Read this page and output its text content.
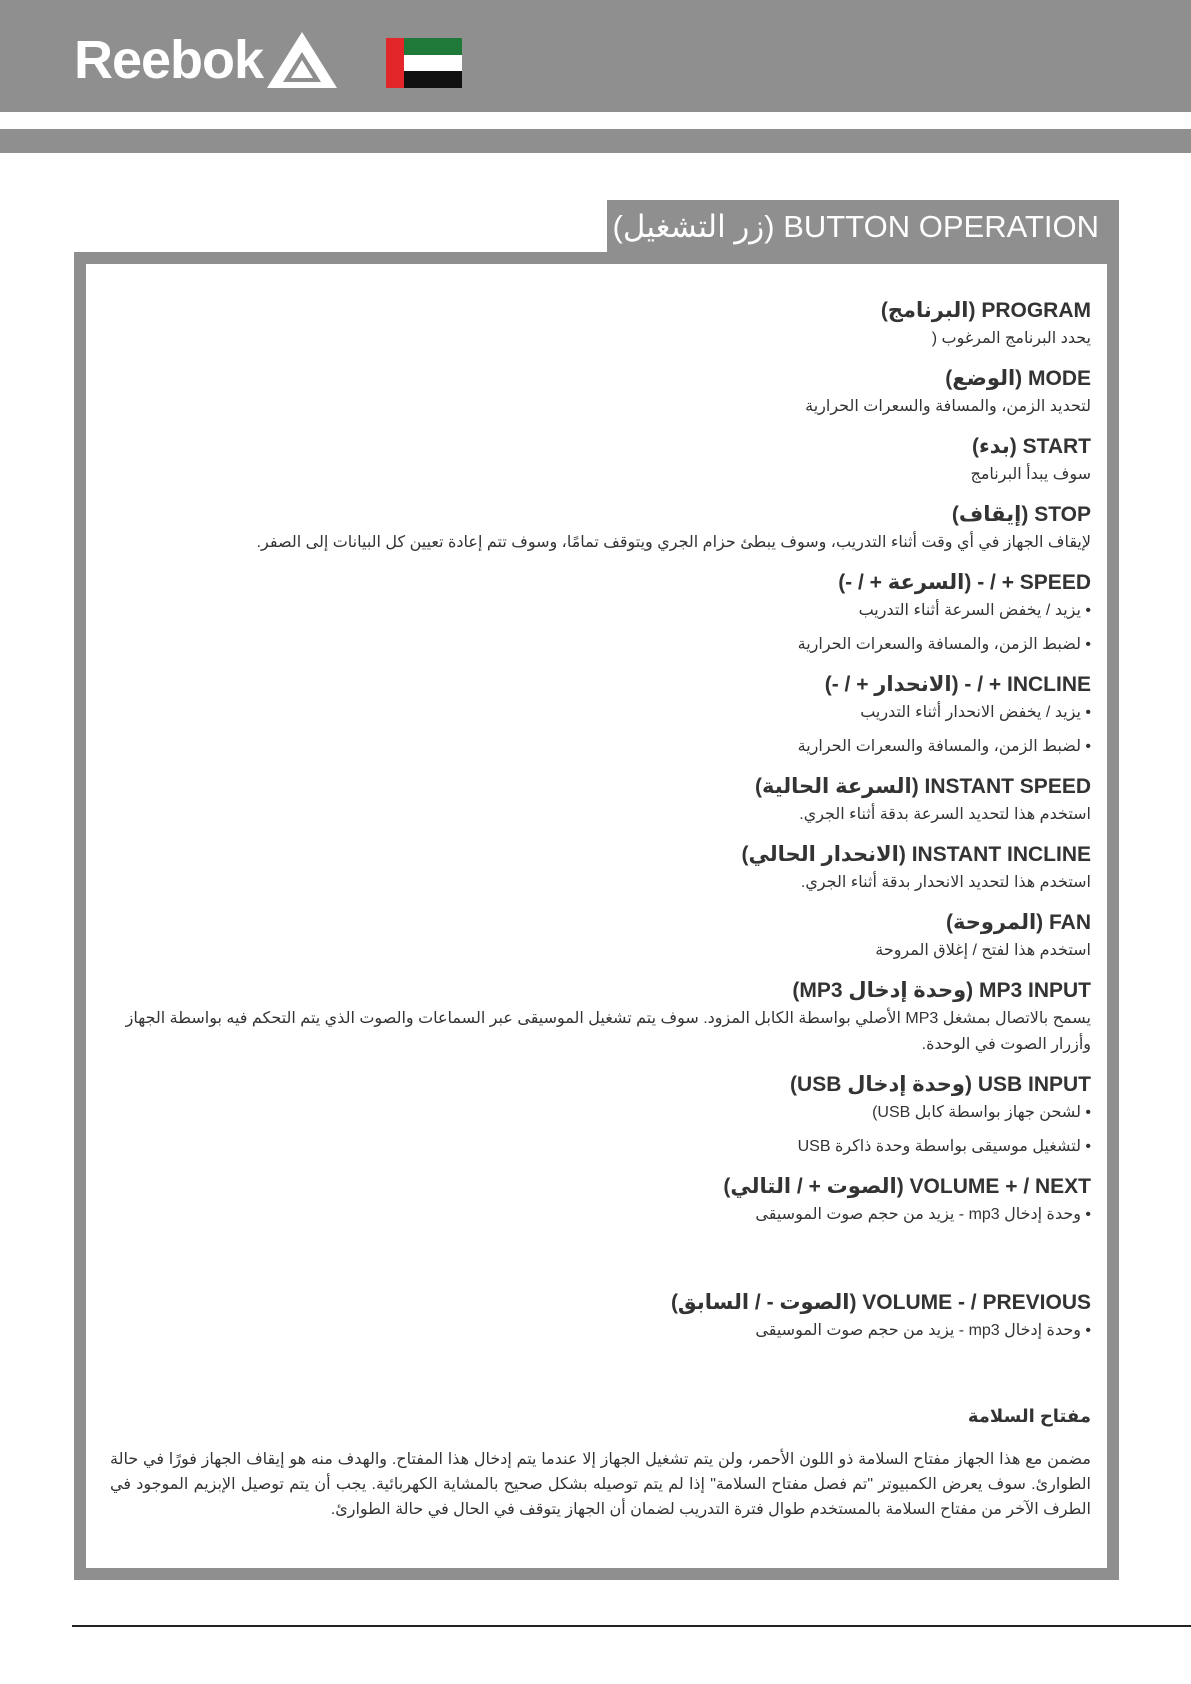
Reebok
(زر التشغيل) BUTTON OPERATION
PROGRAM (البرنامج)

يحدد البرنامج المرغوب (

MODE (الوضع)

لتحديد الزمن، والمسافة والسعرات الحرارية

START (بدء)

سوف يبدأ البرنامج

STOP (إيقاف)

لإيقاف الجهاز في أي وقت أثناء التدريب، وسوف يبطئ حزام الجري ويتوقف تمامًا، وسوف تتم إعادة تعيين كل البيانات إلى الصفر.

SPEED + / - (السرعة + / -)

• يزيد / يخفض السرعة أثناء التدريب

• لضبط الزمن، والمسافة والسعرات الحرارية

INCLINE + / - (الانحدار + / -)

• يزيد / يخفض الانحدار أثناء التدريب

• لضبط الزمن، والمسافة والسعرات الحرارية

INSTANT SPEED (السرعة الحالية)

استخدم هذا لتحديد السرعة بدقة أثناء الجري.

INSTANT INCLINE (الانحدار الحالي)

استخدم هذا لتحديد الانحدار بدقة أثناء الجري.

FAN (المروحة)

استخدم هذا لفتح / إغلاق المروحة

MP3 INPUT (وحدة إدخال MP3)

يسمح بالاتصال بمشغل MP3 الأصلي بواسطة الكابل المزود. سوف يتم تشغيل الموسيقى عبر السماعات والصوت الذي يتم التحكم فيه بواسطة الجهاز وأزرار الصوت في الوحدة.

USB INPUT (وحدة إدخال USB)

• لشحن جهاز بواسطة كابل USB)

• لتشغيل موسيقى بواسطة وحدة ذاكرة USB

VOLUME + / NEXT (الصوت + / التالي)

• وحدة إدخال mp3 - يزيد من حجم صوت الموسيقى

VOLUME - / PREVIOUS (الصوت - / السابق)

• وحدة إدخال mp3 - يزيد من حجم صوت الموسيقى

مفتاح السلامة

مضمن مع هذا الجهاز مفتاح السلامة ذو اللون الأحمر، ولن يتم تشغيل الجهاز إلا عندما يتم إدخال هذا المفتاح. والهدف منه هو إيقاف الجهاز فورًا في حالة الطوارئ. سوف يعرض الكمبيوتر "تم فصل مفتاح السلامة" إذا لم يتم توصيله بشكل صحيح بالمشاية الكهربائية. يجب أن يتم توصيل الإبزيم الموجود في الطرف الآخر من مفتاح السلامة بالمستخدم طوال فترة التدريب لضمان أن الجهاز يتوقف في الحال في حالة الطوارئ.
